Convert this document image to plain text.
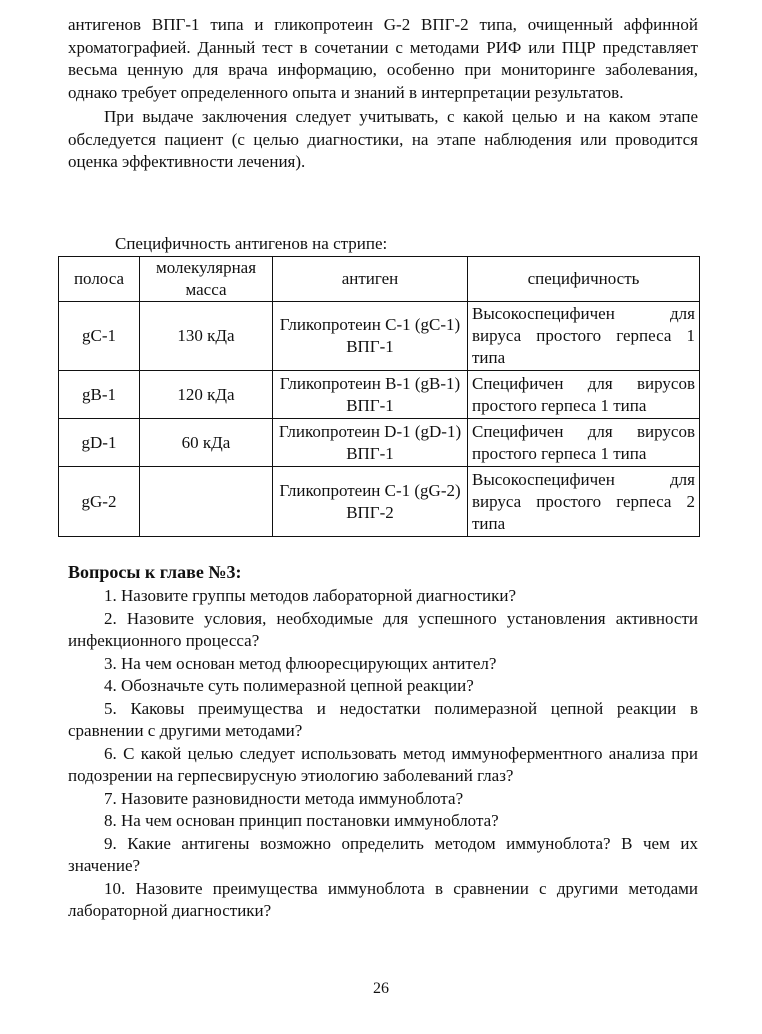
антигенов ВПГ-1 типа и гликопротеин G-2 ВПГ-2 типа, очищенный аффинной хроматографией. Данный тест в сочетании с методами РИФ или ПЦР представляет весьма ценную для врача информацию, особенно при мониторинге заболевания, однако требует определенного опыта и знаний в интерпретации результатов.

При выдаче заключения следует учитывать, с какой целью и на каком этапе обследуется пациент (с целью диагностики, на этапе наблюдения или проводится оценка эффективности лечения).

Специфичность антигенов на стрипе:
полоса	молекулярная масса	антиген	специфичность
gC-1	130 кДа	Гликопротеин С-1 (gC-1) ВПГ-1	Высокоспецифичен для вируса простого герпеса 1 типа
gB-1	120 кДа	Гликопротеин В-1 (gB-1) ВПГ-1	Специфичен для вирусов простого герпеса 1 типа
gD-1	60 кДа	Гликопротеин D-1 (gD-1) ВПГ-1	Специфичен для вирусов простого герпеса 1 типа
gG-2		Гликопротеин С-1 (gG-2) ВПГ-2	Высокоспецифичен для вируса простого герпеса 2 типа

Вопросы к главе №3:

1. Назовите группы методов лабораторной диагностики?

2. Назовите условия, необходимые для успешного установления активности инфекционного процесса?

3. На чем основан метод флюоресцирующих антител?

4. Обозначьте суть полимеразной цепной реакции?

5. Каковы преимущества и недостатки полимеразной цепной реакции в сравнении с другими методами?

6. С какой целью следует использовать метод иммуноферментного анализа при подозрении на герпесвирусную этиологию заболеваний глаз?

7. Назовите разновидности метода иммуноблота?

8. На чем основан принцип постановки иммуноблота?

9. Какие антигены возможно определить методом иммуноблота? В чем их значение?

10. Назовите преимущества иммуноблота в сравнении с другими методами лабораторной диагностики?

26
